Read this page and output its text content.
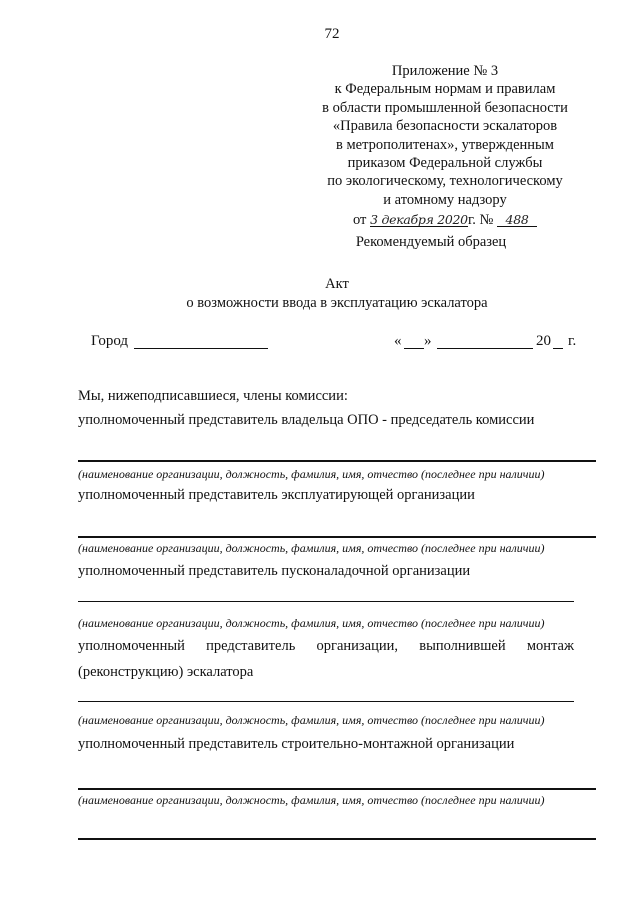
72
Приложение № 3
к Федеральным нормам и правилам
в области промышленной безопасности
«Правила безопасности эскалаторов
в метрополитенах», утвержденным
приказом Федеральной службы
по экологическому, технологическому
и атомному надзору
от 3 декабря 2020г. № 488
Рекомендуемый образец
Акт
о возможности ввода в эксплуатацию эскалатора
Город	« »	20 г.
Мы, нижеподписавшиеся, члены комиссии:
уполномоченный представитель владельца ОПО - председатель комиссии
(наименование организации, должность, фамилия, имя, отчество (последнее при наличии)
уполномоченный представитель эксплуатирующей организации
(наименование организации, должность, фамилия, имя, отчество (последнее при наличии)
уполномоченный представитель пусконаладочной организации
(наименование организации, должность, фамилия, имя, отчество (последнее при наличии)
уполномоченный представитель организации, выполнившей монтаж
(реконструкцию) эскалатора
(наименование организации, должность, фамилия, имя, отчество (последнее при наличии)
уполномоченный представитель строительно-монтажной организации
(наименование организации, должность, фамилия, имя, отчество (последнее при наличии)
